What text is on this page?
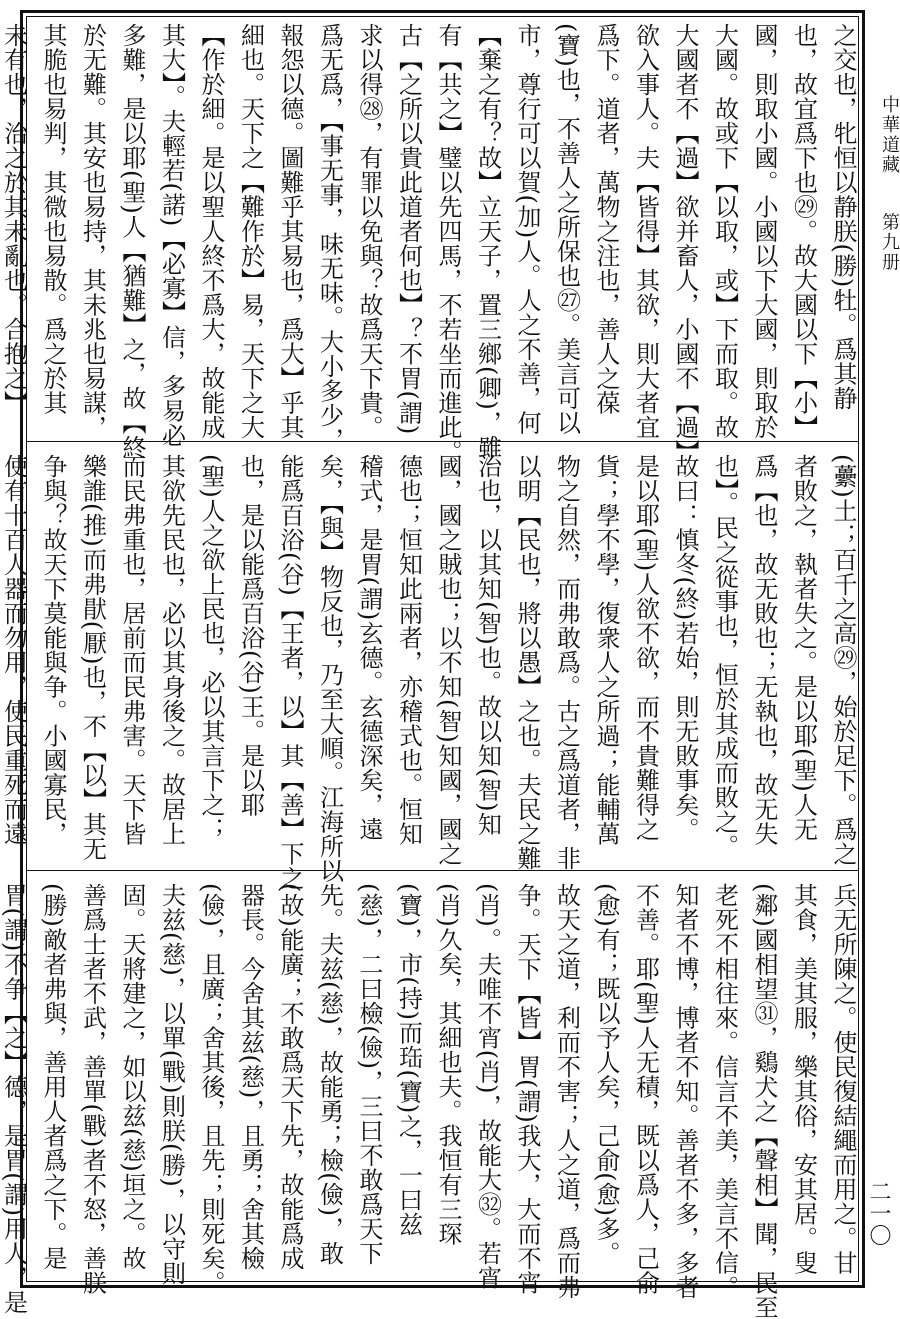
之交也，牝恒以静朕(勝)牡。爲其静
也，故宜爲下也㉙。故大國以下【小】
國，則取小國。小國以下大國，則取於
大國。故或下【以取，或】下而取。故
大國者不【過】欲并畜人，小國不【過】
欲入事人。夫【皆得】其欲，則大者宜
爲下。道者，萬物之注也，善人之葆
(寶)也，不善人之所保也㉗。美言可以
市，尊行可以賀(加)人。人之不善，何
【棄之有？故】立天子，置三鄉(卿)，雖
有【共之】璧以先四馬，不若坐而進此。
古【之所以貴此道者何也】？不胃(謂)
求以得㉘，有罪以免與？故爲天下貴。
爲无爲，【事无事，味无味。大小多少，
報怨以德。圖難乎其易也，爲大】乎其
細也。天下之【難作於】易，天下之大
【作於細。是以聖人終不爲大，故能成
其大】。夫輕若(諾)【必寡】信，多易必
多難，是以耶(聖)人【猶難】之，故【終
於无難。其安也易持，其未兆也易謀，
其脆也易判，其微也易散。爲之於其
未有也，治之於其未亂也。合抱之】
(虆)土；百千之高㉙，始於足下。爲之
者敗之，執者失之。是以耶(聖)人无
爲【也，故无敗也；无執也，故无失
也】。民之從事也，恒於其成而敗之。
故曰：慎冬(終)若始，則无敗事矣。
是以耶(聖)人欲不欲，而不貴難得之
貨；學不學，復衆人之所過；能輔萬
物之自然，而弗敢爲。古之爲道者，非
以明【民也，將以愚】之也。夫民之難
治也，以其知(智)也。故以知(智)知
國，國之賊也；以不知(智)知國，國之
德也；恒知此兩者，亦稽式也。恒知
稽式，是胃(謂)玄德。玄德深矣，遠
矣，【與】物反也，乃至大順。江海所以
能爲百浴(谷)【王者，以】其【善】下之
也，是以能爲百浴(谷)王。是以耶
(聖)人之欲上民也，必以其言下之；
其欲先民也，必以其身後之。故居上
而民弗重也，居前而民弗害。天下皆
樂誰(推)而弗猒(厭)也，不【以】其无
争與？故天下莫能與争。小國寡民，
使有十百人器而勿用，使民重死而遠
兵无所陳之。使民復結繩而用之。甘
其食，美其服，樂其俗，安其居。叟
(鄰)國相望㉛，鷄犬之【聲相】聞，民至
老死不相往來。信言不美，美言不信。
知者不博，博者不知。善者不多，多者
不善。耶(聖)人无積，既以爲人，己俞
(愈)有；既以予人矣，己俞(愈)多。
故天之道，利而不害；人之道，爲而弗
争。天下【皆】胃(謂)我大，大而不宵
(肖)。夫唯不宵(肖)，故能大㉜。若宵
(肖)久矣，其細也夫。我恒有三琛
(寶)，市(持)而珤(寶)之，一曰兹
(慈)，二曰檢(儉)，三曰不敢爲天下
先。夫兹(慈)，故能勇；檢(儉)，敢
(故)能廣；不敢爲天下先，故能爲成
器長。今舍其兹(慈)，且勇；舍其檢
(儉)，且廣；舍其後，且先；則死矣。
夫兹(慈)，以單(戰)則朕(勝)，以守則
固。天將建之，如以兹(慈)垣之。故
善爲士者不武，善單(戰)者不怒，善朕
(勝)敵者弗與，善用人者爲之下。是
胃(謂)不争【之】德，是胃(謂)用人，是
中華道藏  第九册
二一〇
